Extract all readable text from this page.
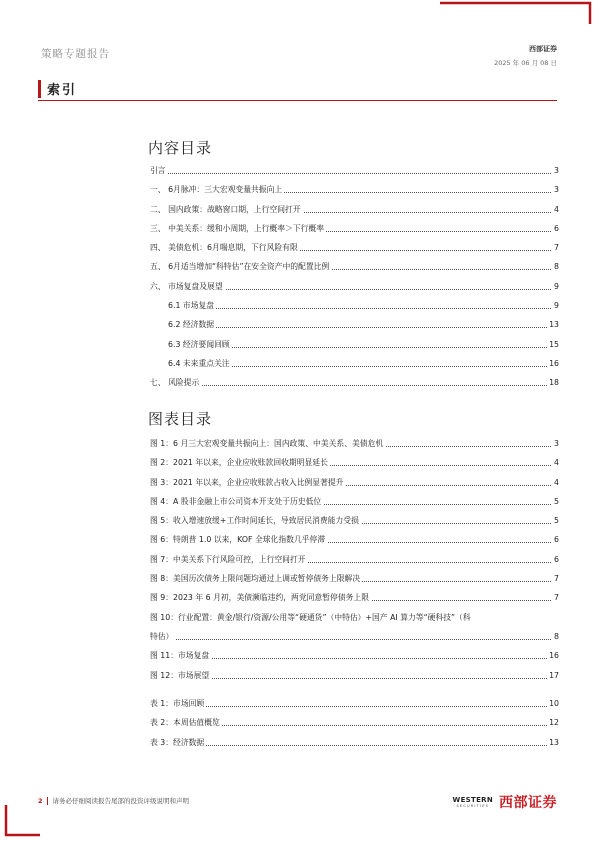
策略专题报告	西部证券
2025 年 06 月 08 日
索引
内容目录
引言	3
一、 6月脉冲：三大宏观变量共振向上	3
二、 国内政策：战略窗口期，上行空间打开	4
三、 中美关系：缓和小周期，上行概率＞下行概率	6
四、 美债危机：6月喘息期，下行风险有限	7
五、 6月适当增加“科特估”在安全资产中的配置比例	8
六、 市场复盘及展望	9
6.1 市场复盘	9
6.2 经济数据	13
6.3 经济要闻回顾	15
6.4 未来重点关注	16
七、 风险提示	18
图表目录
图 1：6 月三大宏观变量共振向上：国内政策、中美关系、美债危机	3
图 2：2021 年以来，企业应收账款回收期明显延长	4
图 3：2021 年以来，企业应收账款占收入比例显著提升	4
图 4：A 股非金融上市公司资本开支处于历史低位	5
图 5：收入增速放缓+工作时间延长，导致居民消费能力受损	5
图 6：特朗普 1.0 以来，KOF 全球化指数几乎停滞	6
图 7：中美关系下行风险可控，上行空间打开	6
图 8：美国历次债务上限问题均通过上调或暂停债务上限解决	7
图 9：2023 年 6 月初，美债濒临违约，两党同意暂停债务上限	7
图 10：行业配置：黄金/银行/资源/公用等“硬通货”（中特估）+国产 AI 算力等“硬科技”（科
特估）	8
图 11：市场复盘	16
图 12：市场展望	17
表 1：市场回顾	10
表 2：本周估值概览	12
表 3：经济数据	13
2 请务必仔细阅读报告尾部的投资评级说明和声明	WESTERN
SECURITIES 西部证券
